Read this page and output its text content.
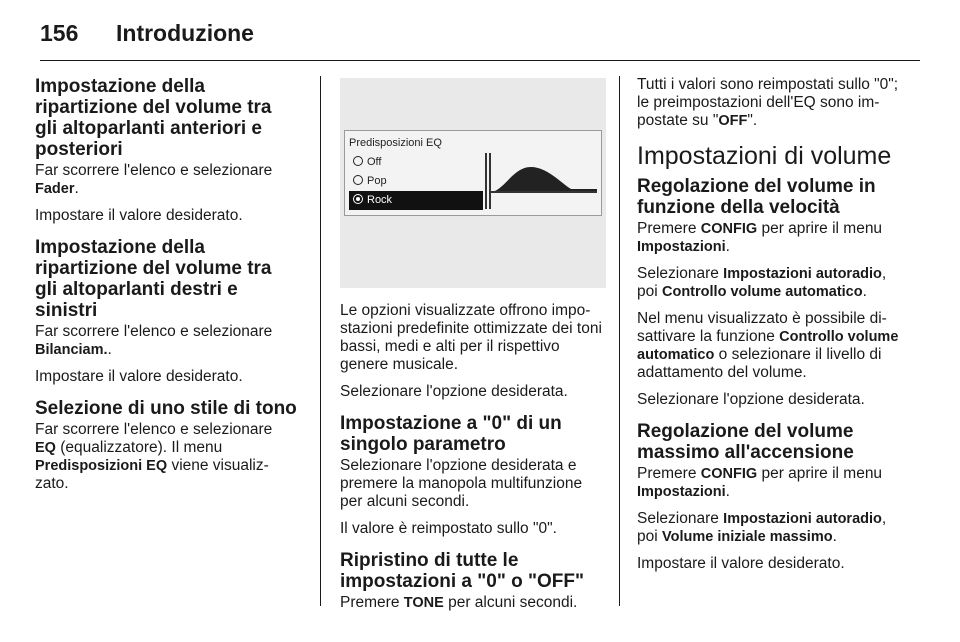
156 Introduzione
Impostazione della ripartizione del volume tra gli altoparlanti anteriori e posteriori

Far scorrere l'elenco e selezionare Fader.

Impostare il valore desiderato.

Impostazione della ripartizione del volume tra gli altoparlanti destri e sinistri

Far scorrere l'elenco e selezionare Bilanciam..

Impostare il valore desiderato.

Selezione di uno stile di tono

Far scorrere l'elenco e selezionare EQ (equalizzatore). Il menu Predisposizioni EQ viene visualiz- zato.

Predisposizioni EQ
Off
Pop
Rock

Le opzioni visualizzate offrono impo- stazioni predefinite ottimizzate dei toni bassi, medi e alti per il rispettivo genere musicale.

Selezionare l'opzione desiderata.

Impostazione a "0" di un singolo parametro

Selezionare l'opzione desiderata e premere la manopola multifunzione per alcuni secondi.

Il valore è reimpostato sullo "0".

Ripristino di tutte le impostazioni a "0" o "OFF"

Premere TONE per alcuni secondi.

Tutti i valori sono reimpostati sullo "0"; le preimpostazioni dell'EQ sono im- postate su "OFF".

Impostazioni di volume
Regolazione del volume in funzione della velocità

Premere CONFIG per aprire il menu Impostazioni.

Selezionare Impostazioni autoradio, poi Controllo volume automatico.

Nel menu visualizzato è possibile di- sattivare la funzione Controllo volume automatico o selezionare il livello di adattamento del volume.

Selezionare l'opzione desiderata.

Regolazione del volume massimo all'accensione

Premere CONFIG per aprire il menu Impostazioni.

Selezionare Impostazioni autoradio, poi Volume iniziale massimo.

Impostare il valore desiderato.
